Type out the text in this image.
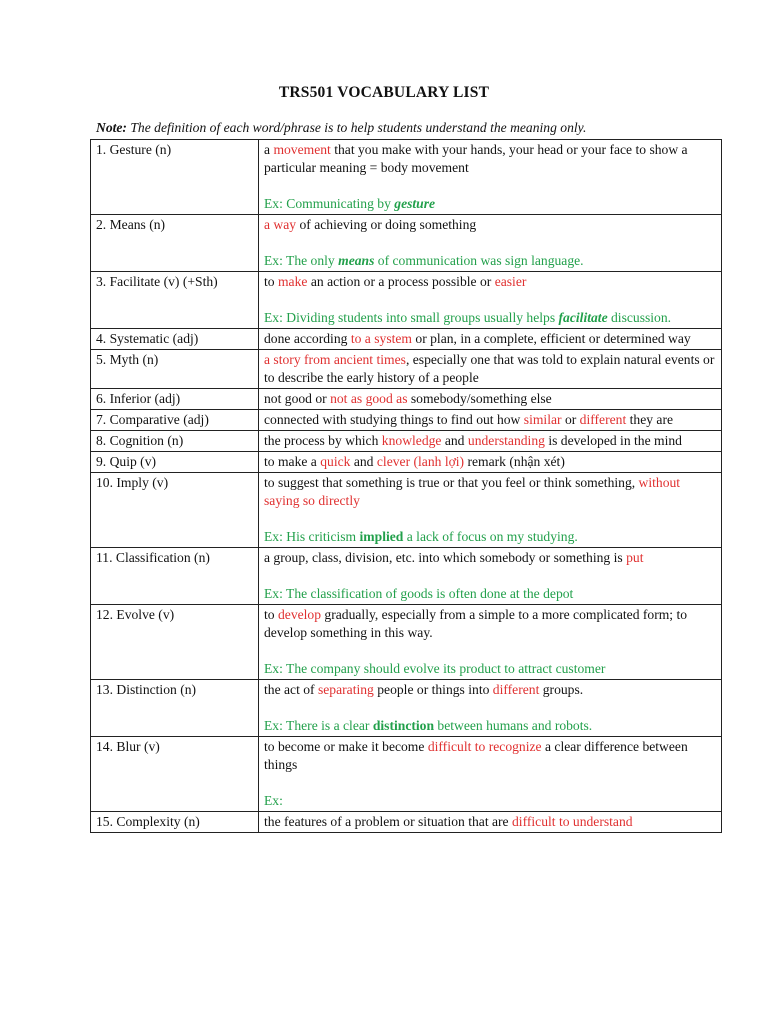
TRS501 VOCABULARY LIST
Note: The definition of each word/phrase is to help students understand the meaning only.
1. Gesture (n)	a movement that you make with your hands, your head or your face to show a particular meaning = body movement
Ex: Communicating by gesture

2. Means (n)	a way of achieving or doing something
Ex: The only means of communication was sign language.

3. Facilitate (v) (+Sth)	to make an action or a process possible or easier
Ex: Dividing students into small groups usually helps facilitate discussion.

4. Systematic (adj)	done according to a system or plan, in a complete, efficient or determined way

5. Myth (n)	a story from ancient times, especially one that was told to explain natural events or to describe the early history of a people

6. Inferior (adj)	not good or not as good as somebody/something else

7. Comparative (adj)	connected with studying things to find out how similar or different they are

8. Cognition (n)	the process by which knowledge and understanding is developed in the mind

9. Quip (v)	to make a quick and clever (lanh lợi) remark (nhận xét)

10. Imply (v)	to suggest that something is true or that you feel or think something, without saying so directly
Ex: His criticism implied a lack of focus on my studying.

11. Classification (n)	a group, class, division, etc. into which somebody or something is put
Ex: The classification of goods is often done at the depot

12. Evolve (v)	to develop gradually, especially from a simple to a more complicated form; to develop something in this way.
Ex: The company should evolve its product to attract customer

13. Distinction (n)	the act of separating people or things into different groups.
Ex: There is a clear distinction between humans and robots.

14. Blur (v)	to become or make it become difficult to recognize a clear difference between things
Ex:

15. Complexity (n)	the features of a problem or situation that are difficult to understand
